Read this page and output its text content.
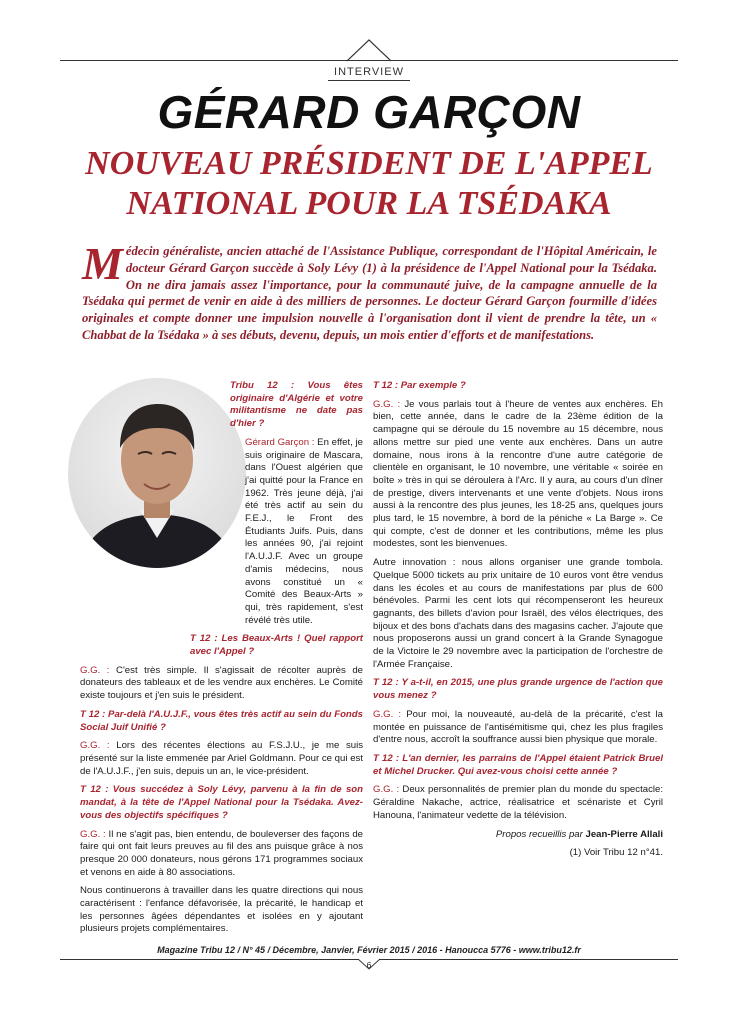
INTERVIEW
GÉRARD GARÇON
NOUVEAU PRÉSIDENT DE L'APPEL
NATIONAL POUR LA TSÉDAKA
Médecin généraliste, ancien attaché de l'Assistance Publique, correspondant de l'Hôpital Américain, le docteur Gérard Garçon succède à Soly Lévy (1) à la présidence de l'Appel National pour la Tsédaka. On ne dira jamais assez l'importance, pour la communauté juive, de la campagne annuelle de la Tsédaka qui permet de venir en aide à des milliers de personnes. Le docteur Gérard Garçon fourmille d'idées originales et compte donner une impulsion nouvelle à l'organisation dont il vient de prendre la tête, un « Chabbat de la Tsédaka » à ses débuts, devenu, depuis, un mois entier d'efforts et de manifestations.

Tribu 12 : Vous êtes originaire d'Algérie et votre militantisme ne date pas d'hier ?

Gérard Garçon : En effet, je suis originaire de Mascara, dans l'Ouest algérien que j'ai quitté pour la France en 1962. Très jeune déjà, j'ai été très actif au sein du F.E.J., le Front des Étudiants Juifs. Puis, dans les années 90, j'ai rejoint l'A.U.J.F. Avec un groupe d'amis médecins, nous avons constitué un « Comité des Beaux-Arts » qui, très rapidement, s'est révélé très utile.

T 12 : Les Beaux-Arts ! Quel rapport avec l'Appel ?

G.G. : C'est très simple. Il s'agissait de récolter auprès de donateurs des tableaux et de les vendre aux enchères. Le Comité existe toujours et j'en suis le président.

T 12 : Par-delà l'A.U.J.F., vous êtes très actif au sein du Fonds Social Juif Unifié ?

G.G. : Lors des récentes élections au F.S.J.U., je me suis présenté sur la liste emmenée par Ariel Goldmann. Pour ce qui est de l'A.U.J.F., j'en suis, depuis un an, le vice-président.

T 12 : Vous succédez à Soly Lévy, parvenu à la fin de son mandat, à la tête de l'Appel National pour la Tsédaka. Avez-vous des objectifs spécifiques ?

G.G. : Il ne s'agit pas, bien entendu, de bouleverser des façons de faire qui ont fait leurs preuves au fil des ans puisque grâce à nos presque 20 000 donateurs, nous gérons 171 programmes sociaux et venons en aide à 80 associations.

Nous continuerons à travailler dans les quatre directions qui nous caractérisent : l'enfance défavorisée, la précarité, le handicap et les personnes âgées dépendantes et isolées en y ajoutant plusieurs projets complémentaires.

T 12 : Par exemple ?

G.G. : Je vous parlais tout à l'heure de ventes aux enchères. Eh bien, cette année, dans le cadre de la 23ème édition de la campagne qui se déroule du 15 novembre au 15 décembre, nous allons mettre sur pied une vente aux enchères. Dans un autre domaine, nous irons à la rencontre d'une autre catégorie de clientèle en organisant, le 10 novembre, une véritable « soirée en boîte » très in qui se déroulera à l'Arc. Il y aura, au cours d'un dîner de prestige, divers intervenants et une vente d'objets. Nous irons aussi à la rencontre des plus jeunes, les 18-25 ans, quelques jours plus tard, le 15 novembre, à bord de la péniche « La Barge ». Ce qui compte, c'est de donner et les contributions, même les plus modestes, sont les bienvenues.

Autre innovation : nous allons organiser une grande tombola. Quelque 5000 tickets au prix unitaire de 10 euros vont être vendus dans les écoles et au cours de manifestations par plus de 600 bénévoles. Parmi les cent lots qui récompenseront les heureux gagnants, des billets d'avion pour Israël, des vélos électriques, des bijoux et des bons d'achats dans des magasins cacher. J'ajoute que nous proposerons aussi un grand concert à la Grande Synagogue de la Victoire le 29 novembre avec la participation de l'orchestre de l'Armée Française.

T 12 : Y a-t-il, en 2015, une plus grande urgence de l'action que vous menez ?

G.G. : Pour moi, la nouveauté, au-delà de la précarité, c'est la montée en puissance de l'antisémitisme qui, chez les plus fragiles d'entre nous, accroît la souffrance aussi bien physique que morale.

T 12 : L'an dernier, les parrains de l'Appel étaient Patrick Bruel et Michel Drucker. Qui avez-vous choisi cette année ?

G.G. : Deux personnalités de premier plan du monde du spectacle: Géraldine Nakache, actrice, réalisatrice et scénariste et Cyril Hanouna, l'animateur vedette de la télévision.

Propos recueillis par Jean-Pierre Allali

(1) Voir Tribu 12 n°41.

Magazine Tribu 12 / N° 45 / Décembre, Janvier, Février 2015 / 2016 - Hanoucca 5776 - www.tribu12.fr
6
